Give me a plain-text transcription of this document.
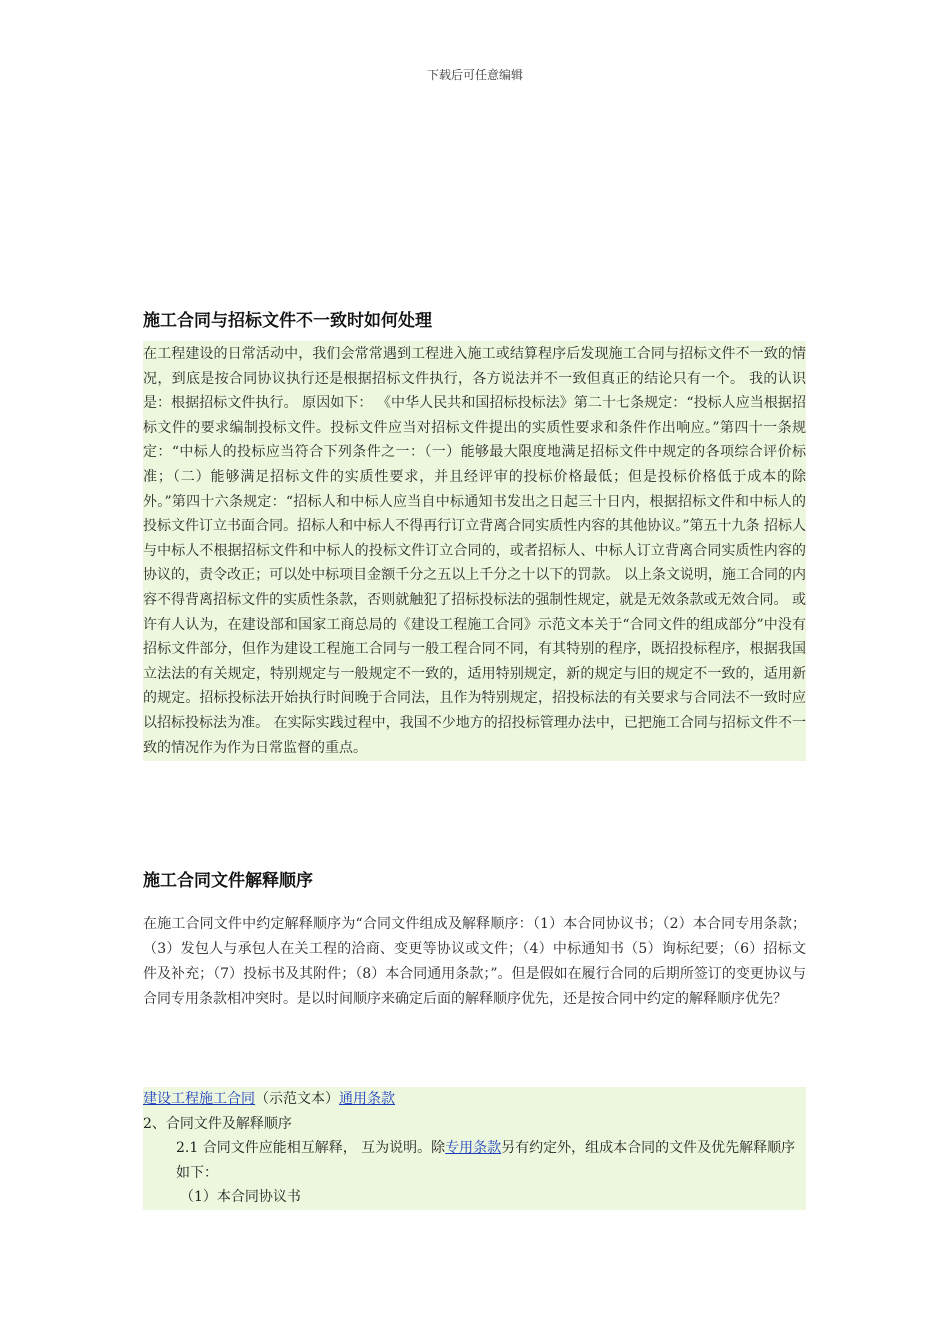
下载后可任意编辑
施工合同与招标文件不一致时如何处理

在工程建设的日常活动中，我们会常常遇到工程进入施工或结算程序后发现施工合同与招标文件不一致的情况，到底是按合同协议执行还是根据招标文件执行，各方说法并不一致但真正的结论只有一个。 我的认识是：根据招标文件执行。 原因如下： 《中华人民共和国招标投标法》第二十七条规定：“投标人应当根据招标文件的要求编制投标文件。投标文件应当对招标文件提出的实质性要求和条件作出响应。”第四十一条规定：“中标人的投标应当符合下列条件之一：（一）能够最大限度地满足招标文件中规定的各项综合评价标准；（二）能够满足招标文件的实质性要求，并且经评审的投标价格最低；但是投标价格低于成本的除外。”第四十六条规定：“招标人和中标人应当自中标通知书发出之日起三十日内，根据招标文件和中标人的投标文件订立书面合同。招标人和中标人不得再行订立背离合同实质性内容的其他协议。”第五十九条 招标人与中标人不根据招标文件和中标人的投标文件订立合同的，或者招标人、中标人订立背离合同实质性内容的协议的，责令改正；可以处中标项目金额千分之五以上千分之十以下的罚款。 以上条文说明，施工合同的内容不得背离招标文件的实质性条款，否则就触犯了招标投标法的强制性规定，就是无效条款或无效合同。 或许有人认为，在建设部和国家工商总局的《建设工程施工合同》示范文本关于“合同文件的组成部分”中没有招标文件部分，但作为建设工程施工合同与一般工程合同不同，有其特别的程序，既招投标程序，根据我国立法法的有关规定，特别规定与一般规定不一致的，适用特别规定，新的规定与旧的规定不一致的，适用新的规定。招标投标法开始执行时间晚于合同法，且作为特别规定，招投标法的有关要求与合同法不一致时应以招标投标法为准。 在实际实践过程中，我国不少地方的招投标管理办法中，已把施工合同与招标文件不一致的情况作为作为日常监督的重点。

施工合同文件解释顺序

在施工合同文件中约定解释顺序为“合同文件组成及解释顺序：（1）本合同协议书；（2）本合同专用条款；（3）发包人与承包人在关工程的洽商、变更等协议或文件；（4）中标通知书（5）询标纪要；（6）招标文件及补充；（7）投标书及其附件；（8）本合同通用条款；”。但是假如在履行合同的后期所签订的变更协议与合同专用条款相冲突时。是以时间顺序来确定后面的解释顺序优先，还是按合同中约定的解释顺序优先？

建设工程施工合同（示范文本）通用条款
2、合同文件及解释顺序
2.1 合同文件应能相互解释， 互为说明。除专用条款另有约定外，组成本合同的文件及优先解释顺序如下：
（1）本合同协议书
